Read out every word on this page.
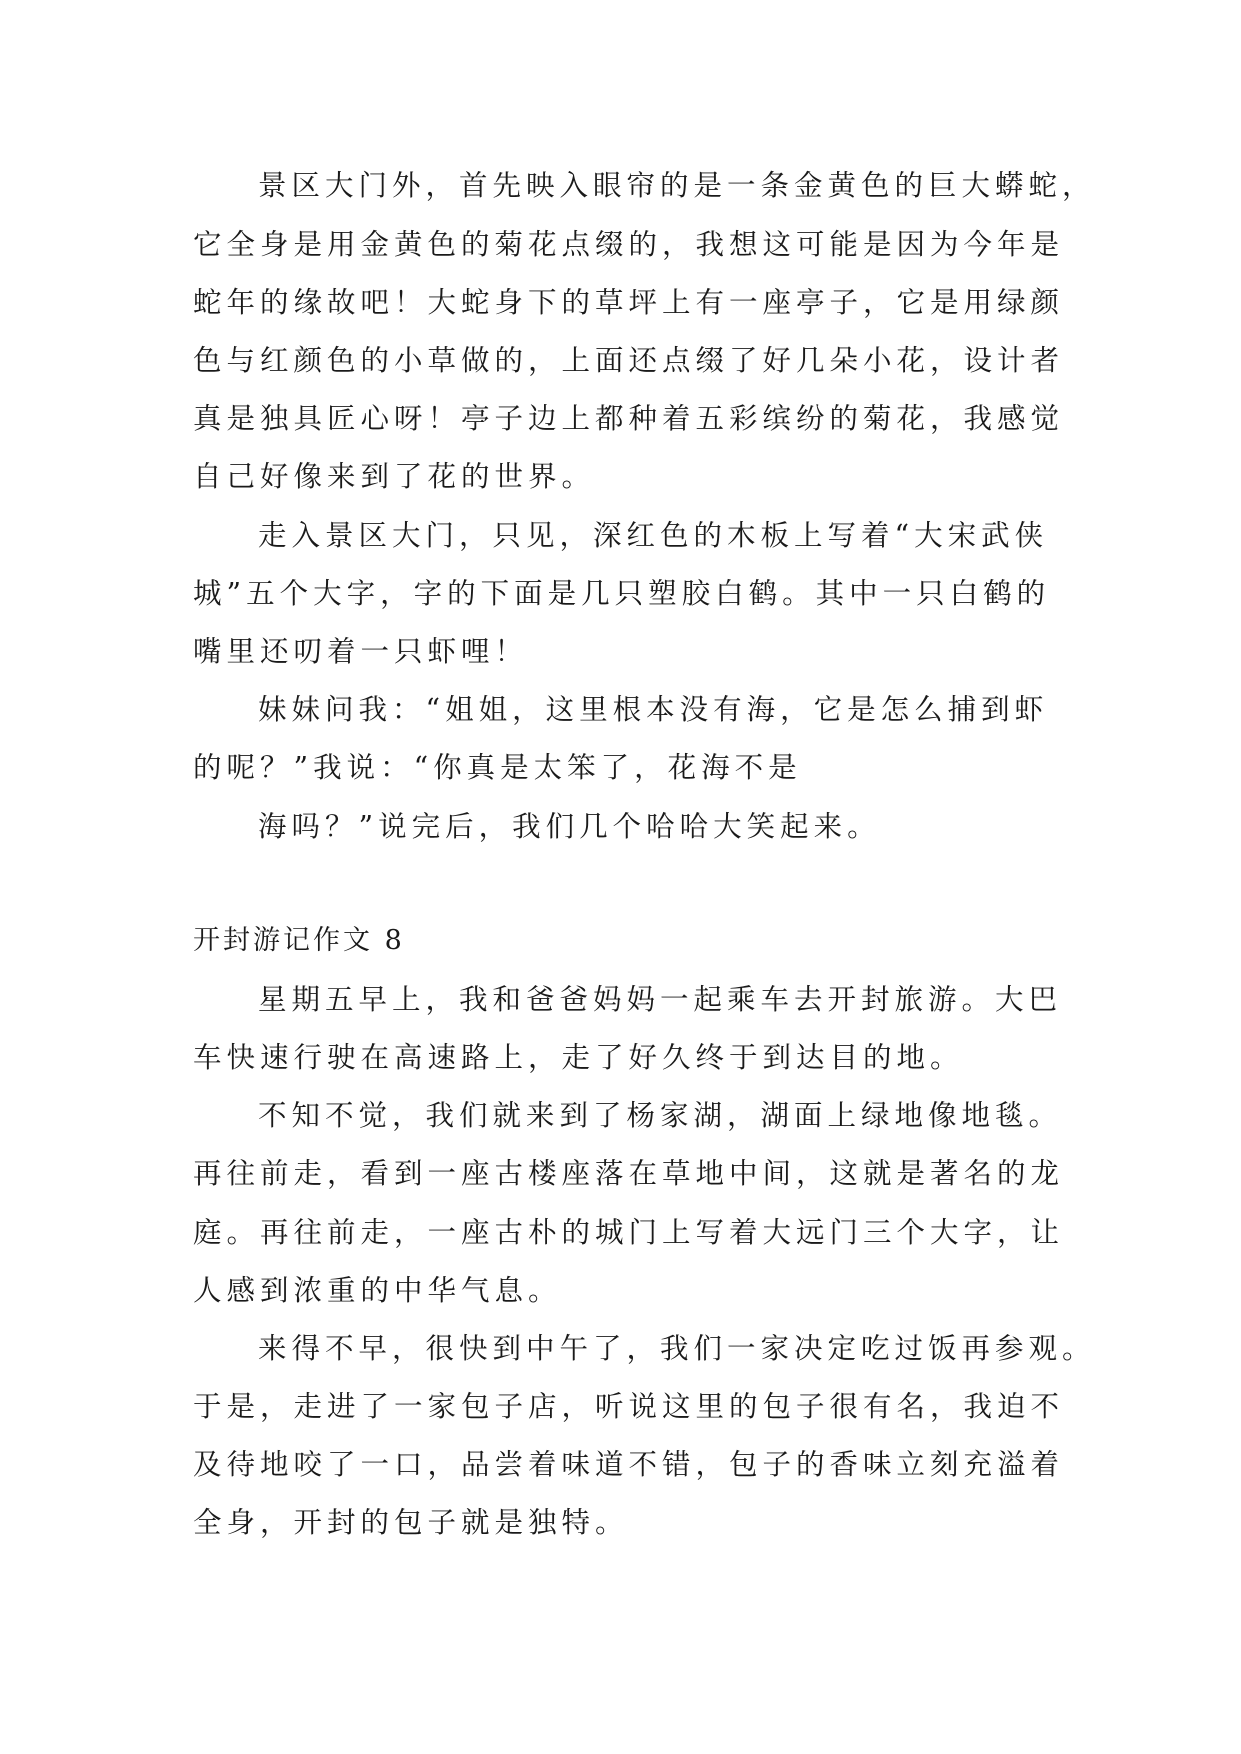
景区大门外，首先映入眼帘的是一条金黄色的巨大蟒蛇，

它全身是用金黄色的菊花点缀的，我想这可能是因为今年是

蛇年的缘故吧！大蛇身下的草坪上有一座亭子，它是用绿颜

色与红颜色的小草做的，上面还点缀了好几朵小花，设计者

真是独具匠心呀！亭子边上都种着五彩缤纷的菊花，我感觉

自己好像来到了花的世界。

走入景区大门，只见，深红色的木板上写着“大宋武侠

城”五个大字，字的下面是几只塑胶白鹤。其中一只白鹤的

嘴里还叨着一只虾哩！

妹妹问我：“姐姐，这里根本没有海，它是怎么捕到虾

的呢？”我说：“你真是太笨了，花海不是

海吗？”说完后，我们几个哈哈大笑起来。

开封游记作文 8

星期五早上，我和爸爸妈妈一起乘车去开封旅游。大巴

车快速行驶在高速路上，走了好久终于到达目的地。

不知不觉，我们就来到了杨家湖，湖面上绿地像地毯。

再往前走，看到一座古楼座落在草地中间，这就是著名的龙

庭。再往前走，一座古朴的城门上写着大远门三个大字，让

人感到浓重的中华气息。

来得不早，很快到中午了，我们一家决定吃过饭再参观。

于是，走进了一家包子店，听说这里的包子很有名，我迫不

及待地咬了一口，品尝着味道不错，包子的香味立刻充溢着

全身，开封的包子就是独特。
